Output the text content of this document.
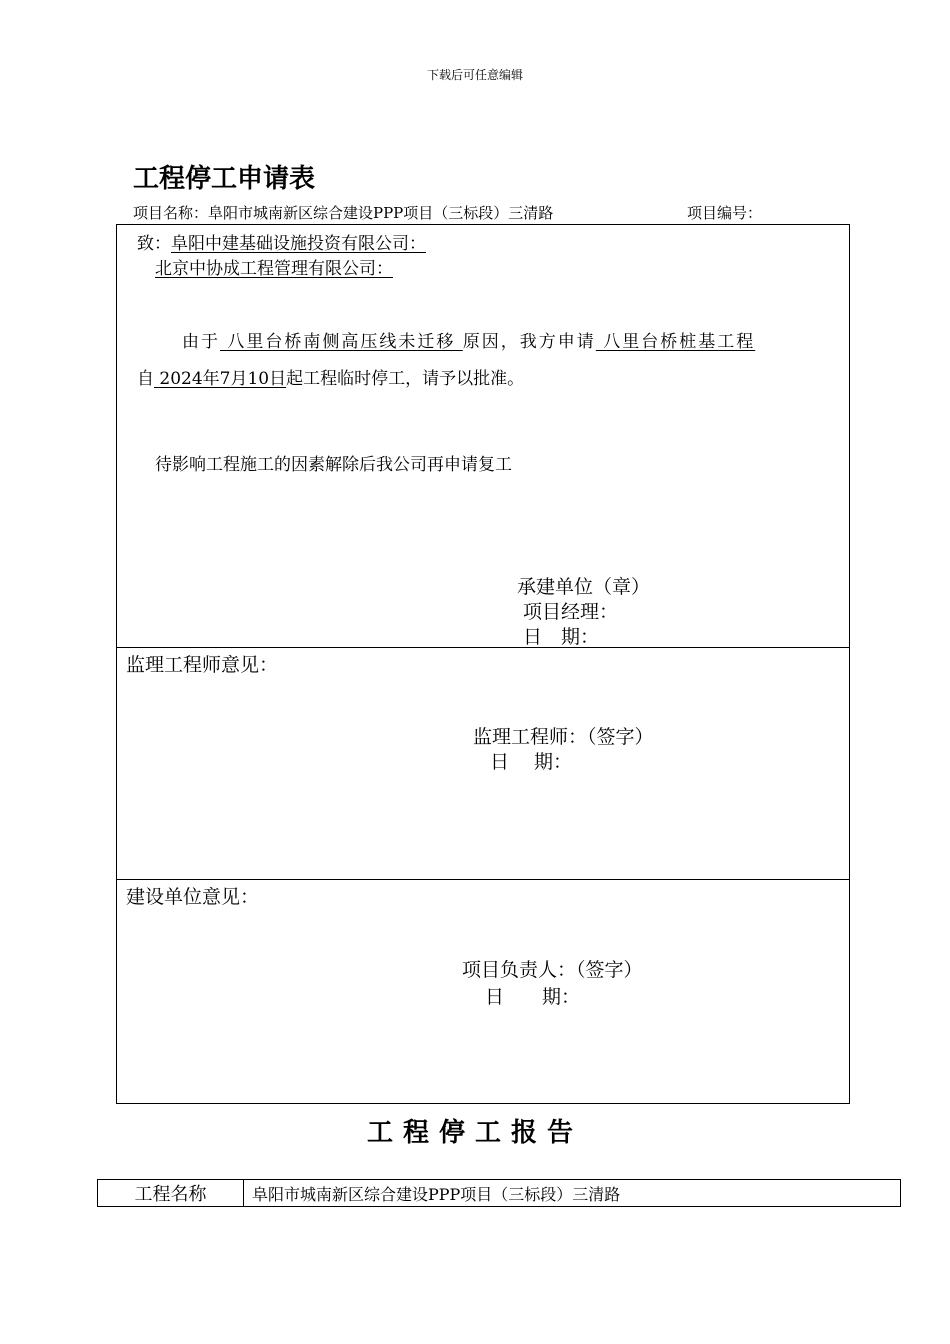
下载后可任意编辑
工程停工申请表
项目名称：阜阳市城南新区综合建设PPP项目（三标段）三清路	项目编号：
致：阜阳中建基础设施投资有限公司：
北京中协成工程管理有限公司：
由于 八里台桥南侧高压线未迁移 原因，我方申请 八里台桥桩基工程
自 2024年7月10日起工程临时停工，请予以批准。
待影响工程施工的因素解除后我公司再申请复工
承建单位（章）
项目经理：
日　期：
监理工程师意见：
监理工程师：（签字）
日　 期：
建设单位意见：
项目负责人：（签字）
日　　期：
工程停工报告
工程名称	阜阳市城南新区综合建设PPP项目（三标段）三清路
